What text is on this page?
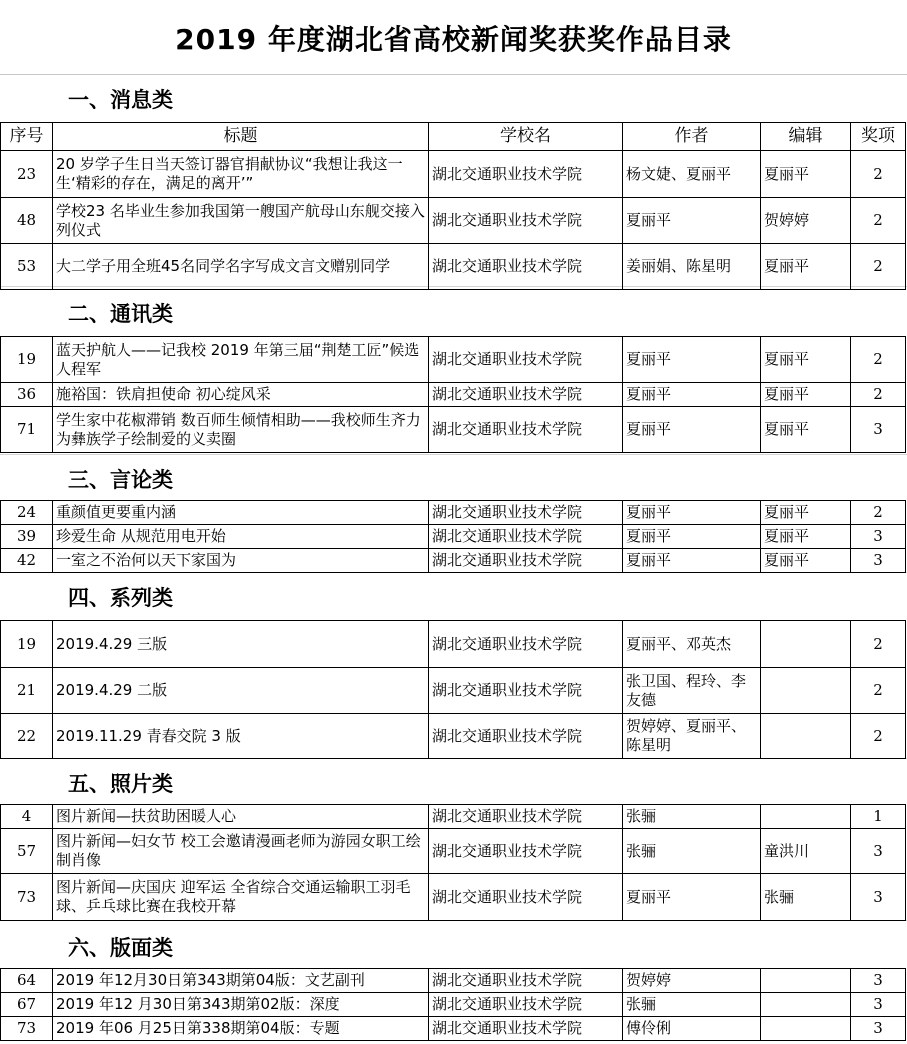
2019 年度湖北省高校新闻奖获奖作品目录
一、消息类
序号	标题	学校名	作者	编辑	奖项
23	20 岁学子生日当天签订器官捐献协议“我想让我这一生‘精彩的存在，满足的离开’”	湖北交通职业技术学院	杨文婕、夏丽平	夏丽平	2
48	学校23 名毕业生参加我国第一艘国产航母山东舰交接入列仪式	湖北交通职业技术学院	夏丽平	贺婷婷	2
53	大二学子用全班45名同学名字写成文言文赠别同学	湖北交通职业技术学院	姜丽娟、陈星明	夏丽平	2
二、通讯类
19	蓝天护航人——记我校 2019 年第三届“荆楚工匠”候选人程军	湖北交通职业技术学院	夏丽平	夏丽平	2
36	施裕国：铁肩担使命 初心绽风采	湖北交通职业技术学院	夏丽平	夏丽平	2
71	学生家中花椒滞销 数百师生倾情相助——我校师生齐力为彝族学子绘制爱的义卖圈	湖北交通职业技术学院	夏丽平	夏丽平	3
三、言论类
24	重颜值更要重内涵	湖北交通职业技术学院	夏丽平	夏丽平	2
39	珍爱生命 从规范用电开始	湖北交通职业技术学院	夏丽平	夏丽平	3
42	一室之不治何以天下家国为	湖北交通职业技术学院	夏丽平	夏丽平	3
四、系列类
19	2019.4.29 三版	湖北交通职业技术学院	夏丽平、邓英杰		2
21	2019.4.29 二版	湖北交通职业技术学院	张卫国、程玲、李友德		2
22	2019.11.29 青春交院 3 版	湖北交通职业技术学院	贺婷婷、夏丽平、陈星明		2
五、照片类
4	图片新闻—扶贫助困暖人心	湖北交通职业技术学院	张骊		1
57	图片新闻—妇女节 校工会邀请漫画老师为游园女职工绘制肖像	湖北交通职业技术学院	张骊	童洪川	3
73	图片新闻—庆国庆 迎军运 全省综合交通运输职工羽毛球、乒乓球比赛在我校开幕	湖北交通职业技术学院	夏丽平	张骊	3
六、版面类
64	2019 年12月30日第343期第04版：文艺副刊	湖北交通职业技术学院	贺婷婷		3
67	2019 年12 月30日第343期第02版：深度	湖北交通职业技术学院	张骊		3
73	2019 年06 月25日第338期第04版：专题	湖北交通职业技术学院	傅伶俐		3
